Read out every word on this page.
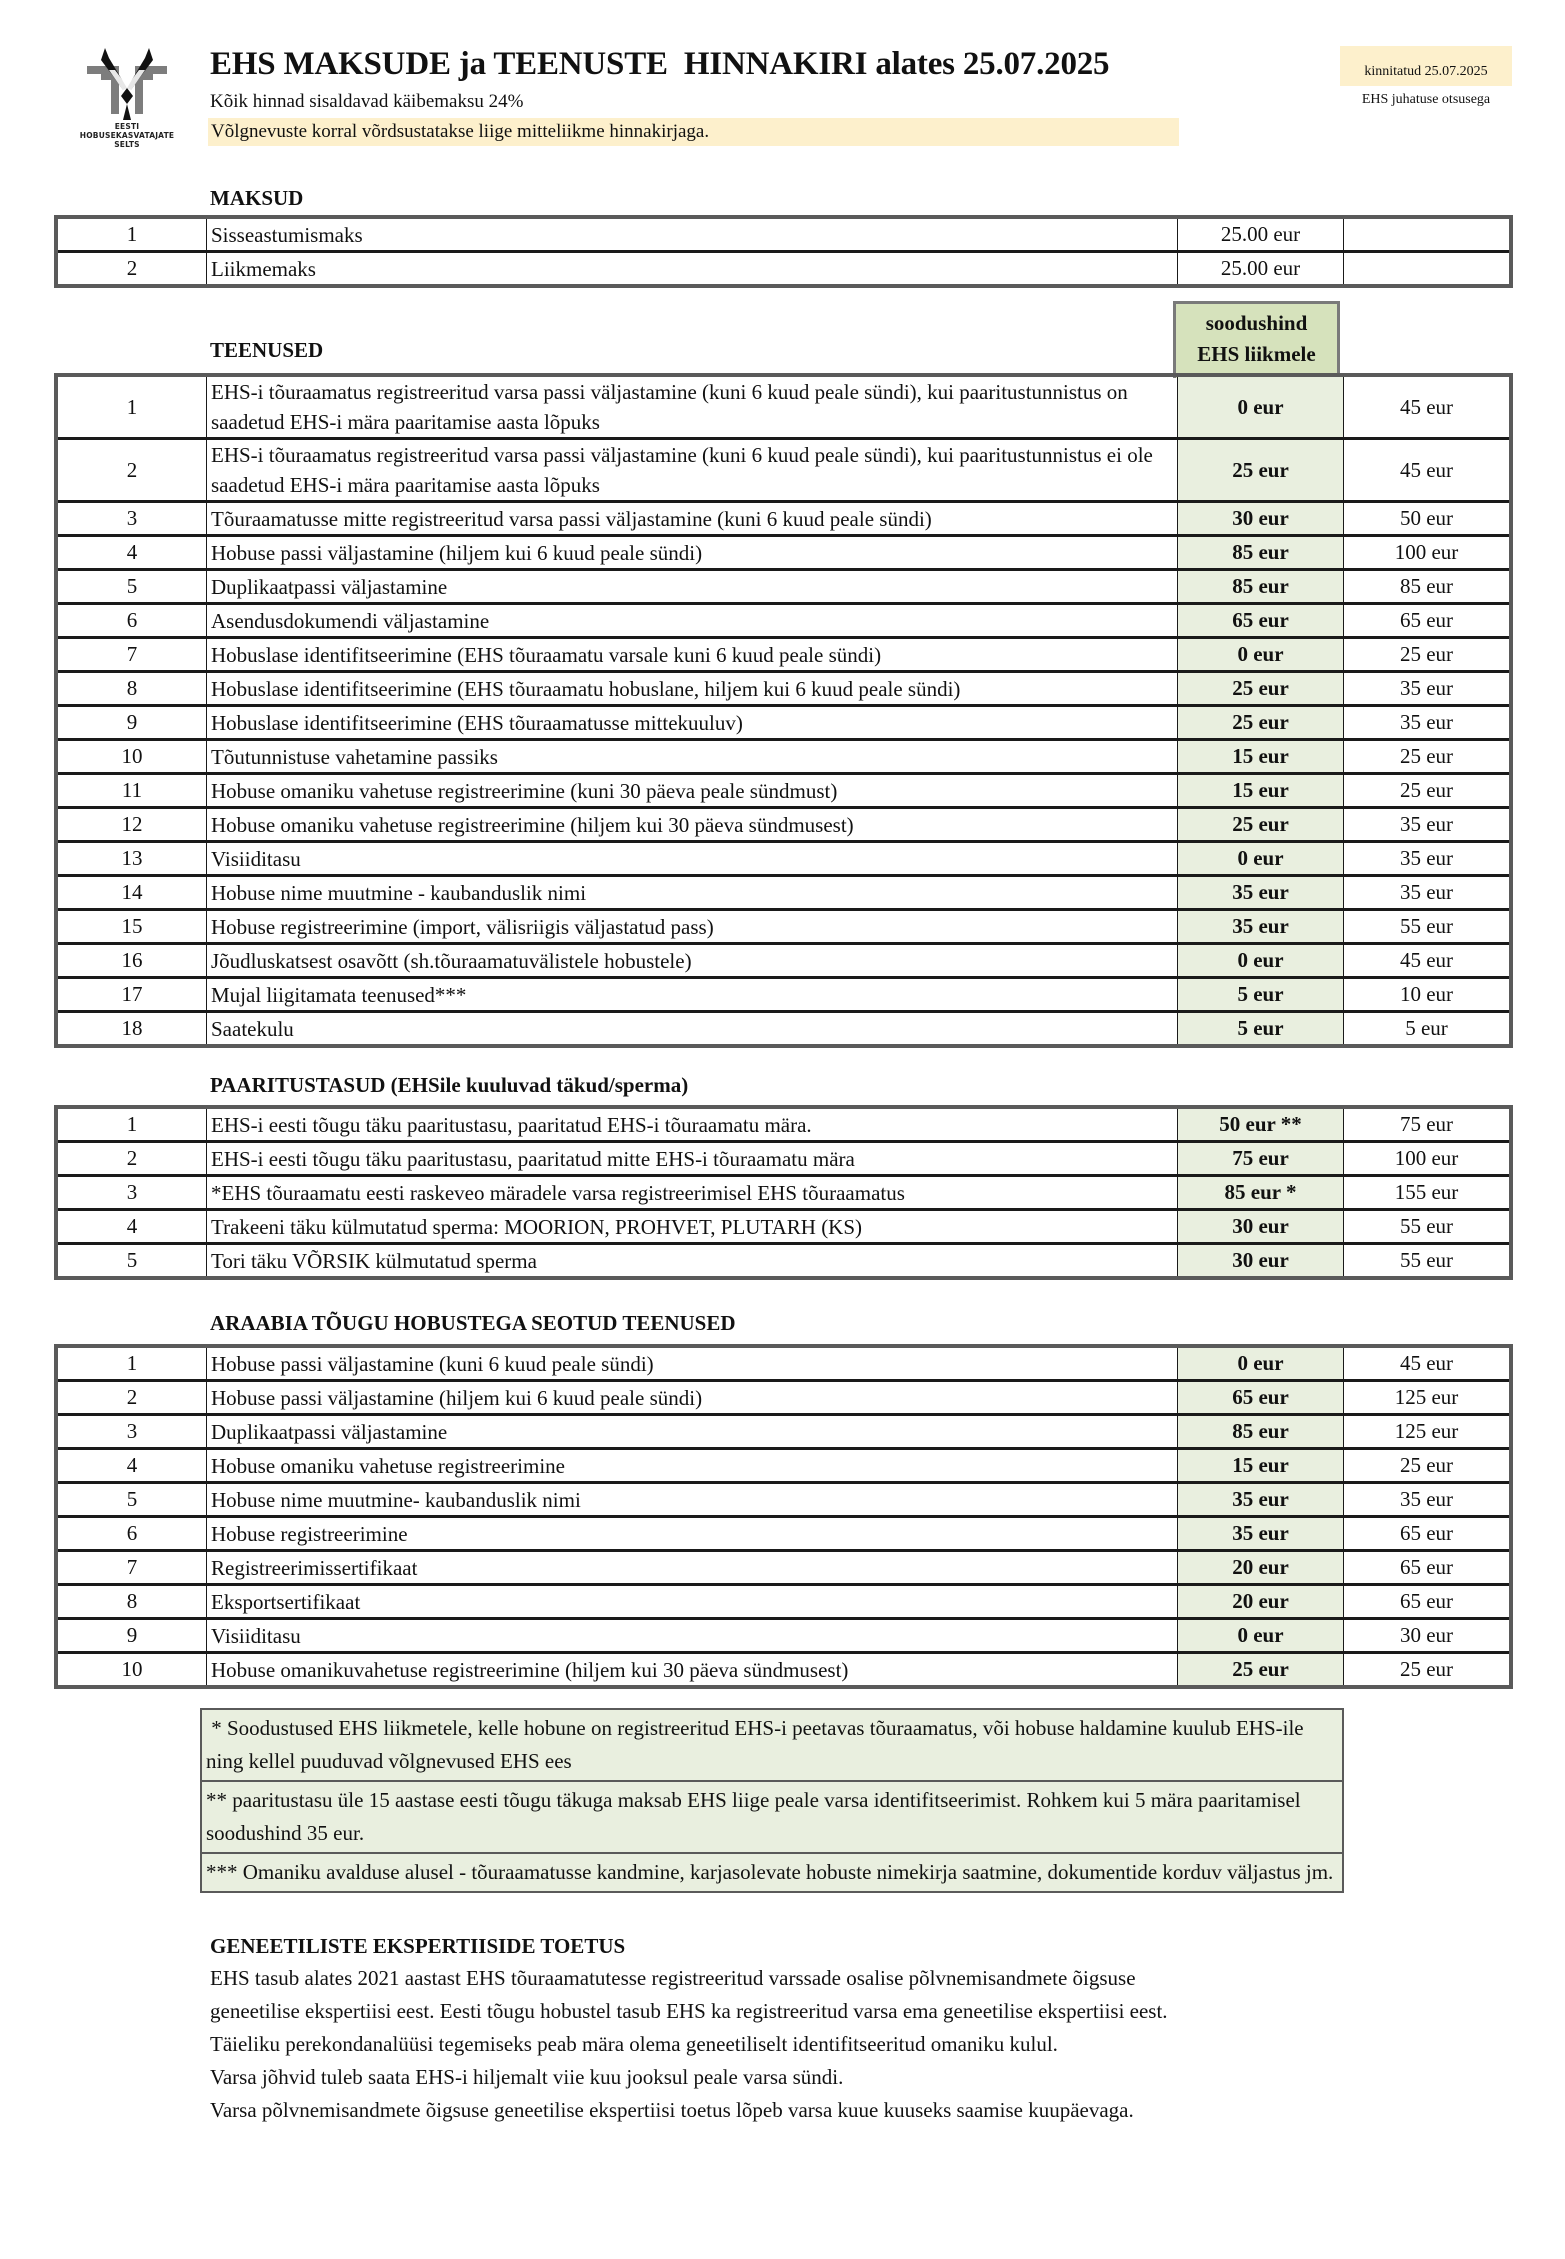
EESTI
HOBUSEKASVATAJATE
SELTS
EHS MAKSUDE ja TEENUSTE  HINNAKIRI alates 25.07.2025
Kõik hinnad sisaldavad käibemaksu 24%
Võlgnevuste korral võrdsustatakse liige mitteliikme hinnakirjaga.
kinnitatud 25.07.2025
EHS juhatuse otsusega
MAKSUD
1	Sisseastumismaks	25.00 eur	
2	Liikmemaks	25.00 eur	
TEENUSED
soodushind
EHS liikmele
1	EHS-i tõuraamatus registreeritud varsa passi väljastamine (kuni 6 kuud peale sündi), kui paaritustunnistus on saadetud EHS-i mära paaritamise aasta lõpuks	0 eur	45 eur
2	EHS-i tõuraamatus registreeritud varsa passi väljastamine (kuni 6 kuud peale sündi), kui paaritustunnistus ei ole saadetud EHS-i mära paaritamise aasta lõpuks	25 eur	45 eur
3	Tõuraamatusse mitte registreeritud varsa passi väljastamine (kuni 6 kuud peale sündi)	30 eur	50 eur
4	Hobuse passi väljastamine (hiljem kui 6 kuud peale sündi)	85 eur	100 eur
5	Duplikaatpassi väljastamine	85 eur	85 eur
6	Asendusdokumendi väljastamine	65 eur	65 eur
7	Hobuslase identifitseerimine (EHS tõuraamatu varsale kuni 6 kuud peale sündi)	0 eur	25 eur
8	Hobuslase identifitseerimine (EHS tõuraamatu hobuslane, hiljem kui 6 kuud peale sündi)	25 eur	35 eur
9	Hobuslase identifitseerimine (EHS tõuraamatusse mittekuuluv)	25 eur	35 eur
10	Tõutunnistuse vahetamine passiks	15 eur	25 eur
11	Hobuse omaniku vahetuse registreerimine (kuni 30 päeva peale sündmust)	15 eur	25 eur
12	Hobuse omaniku vahetuse registreerimine (hiljem kui 30 päeva sündmusest)	25 eur	35 eur
13	Visiiditasu	0 eur	35 eur
14	Hobuse nime muutmine - kaubanduslik nimi	35 eur	35 eur
15	Hobuse registreerimine (import, välisriigis väljastatud pass)	35 eur	55 eur
16	Jõudluskatsest osavõtt (sh.tõuraamatuvälistele hobustele)	0 eur	45 eur
17	Mujal liigitamata teenused***	5 eur	10 eur
18	Saatekulu	5 eur	5 eur
PAARITUSTASUD (EHSile kuuluvad täkud/sperma)
1	EHS-i eesti tõugu täku paaritustasu, paaritatud EHS-i tõuraamatu mära.	50 eur **	75 eur
2	EHS-i eesti tõugu täku paaritustasu, paaritatud mitte EHS-i tõuraamatu mära	75 eur	100 eur
3	*EHS tõuraamatu eesti raskeveo märadele varsa registreerimisel EHS tõuraamatus	85 eur *	155 eur
4	Trakeeni täku külmutatud sperma: MOORION, PROHVET, PLUTARH (KS)	30 eur	55 eur
5	Tori täku VÕRSIK külmutatud sperma	30 eur	55 eur
ARAABIA TÕUGU HOBUSTEGA SEOTUD TEENUSED
1	Hobuse passi väljastamine (kuni 6 kuud peale sündi)	0 eur	45 eur
2	Hobuse passi väljastamine (hiljem kui 6 kuud peale sündi)	65 eur	125 eur
3	Duplikaatpassi väljastamine	85 eur	125 eur
4	Hobuse omaniku vahetuse registreerimine	15 eur	25 eur
5	Hobuse nime muutmine- kaubanduslik nimi	35 eur	35 eur
6	Hobuse registreerimine	35 eur	65 eur
7	Registreerimissertifikaat	20 eur	65 eur
8	Eksportsertifikaat	20 eur	65 eur
9	Visiiditasu	0 eur	30 eur
10	Hobuse omanikuvahetuse registreerimine (hiljem kui 30 päeva sündmusest)	25 eur	25 eur
* Soodustused EHS liikmetele, kelle hobune on registreeritud EHS-i peetavas tõuraamatus, või hobuse haldamine kuulub EHS-ile ning kellel puuduvad võlgnevused EHS ees
** paaritustasu üle 15 aastase eesti tõugu täkuga maksab EHS liige peale varsa identifitseerimist. Rohkem kui 5 mära paaritamisel soodushind 35 eur.
*** Omaniku avalduse alusel - tõuraamatusse kandmine, karjasolevate hobuste nimekirja saatmine, dokumentide korduv väljastus jm.
GENEETILISTE EKSPERTIISIDE TOETUS

EHS tasub alates 2021 aastast EHS tõuraamatutesse registreeritud varssade osalise põlvnemisandmete õigsuse geneetilise ekspertiisi eest. Eesti tõugu hobustel tasub EHS ka registreeritud varsa ema geneetilise ekspertiisi eest.

Täieliku perekondanalüüsi tegemiseks peab mära olema geneetiliselt identifitseeritud omaniku kulul.

Varsa jõhvid tuleb saata EHS-i hiljemalt viie kuu jooksul peale varsa sündi.

Varsa põlvnemisandmete õigsuse geneetilise ekspertiisi toetus lõpeb varsa kuue kuuseks saamise kuupäevaga.
